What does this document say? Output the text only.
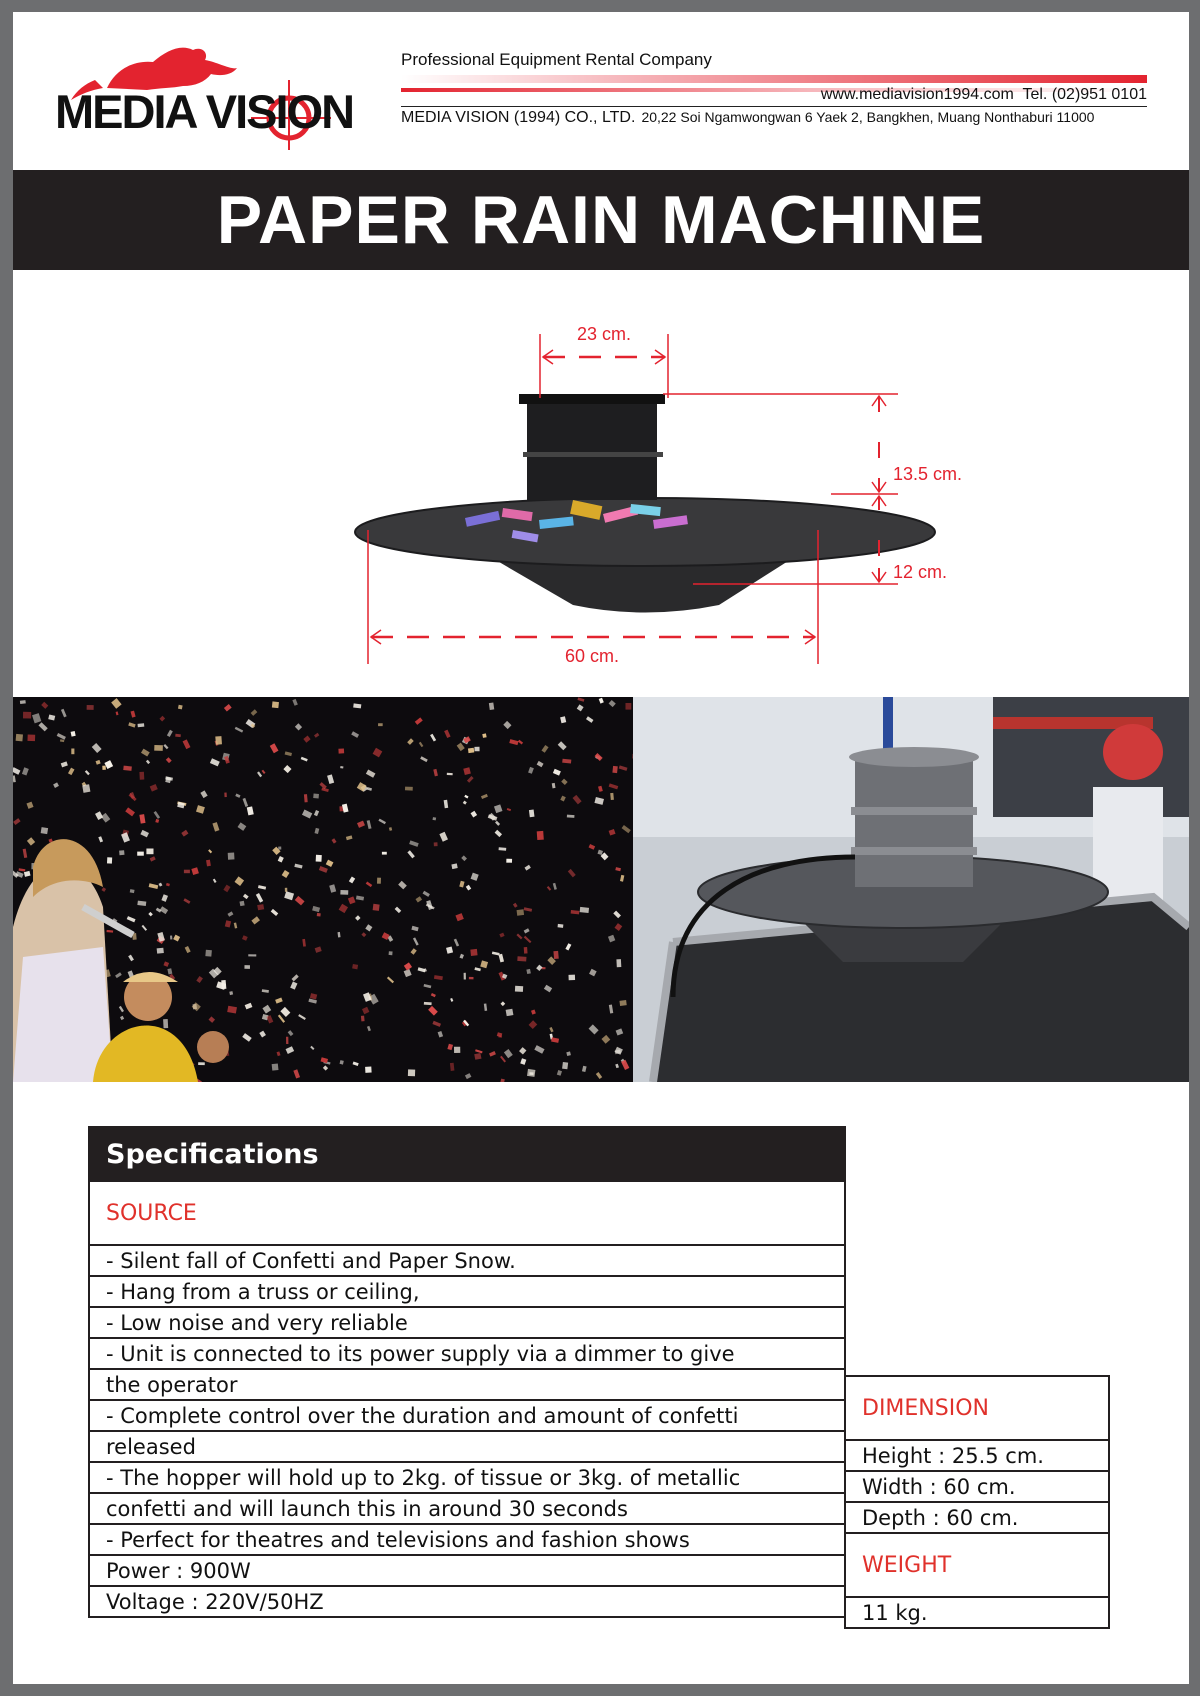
MEDIA VISION
Professional Equipment Rental Company
www.mediavision1994.com Tel. (02)951 0101
MEDIA VISION (1994) CO., LTD. 20,22 Soi Ngamwongwan 6 Yaek 2, Bangkhen, Muang Nonthaburi 11000
PAPER RAIN MACHINE
23 cm.
13.5 cm.
12 cm.
60 cm.
Specifications
SOURCE
- Silent fall of Confetti and Paper Snow.
- Hang from a truss or ceiling,
- Low noise and very reliable
- Unit is connected to its power supply via a dimmer to give
the operator
- Complete control over the duration and amount of confetti
released
- The hopper will hold up to 2kg. of tissue or 3kg. of metallic
confetti and will launch this in around 30 seconds
- Perfect for theatres and televisions and fashion shows
Power : 900W
Voltage : 220V/50HZ
DIMENSION
Height : 25.5 cm.
Width : 60 cm.
Depth : 60 cm.
WEIGHT
11 kg.
